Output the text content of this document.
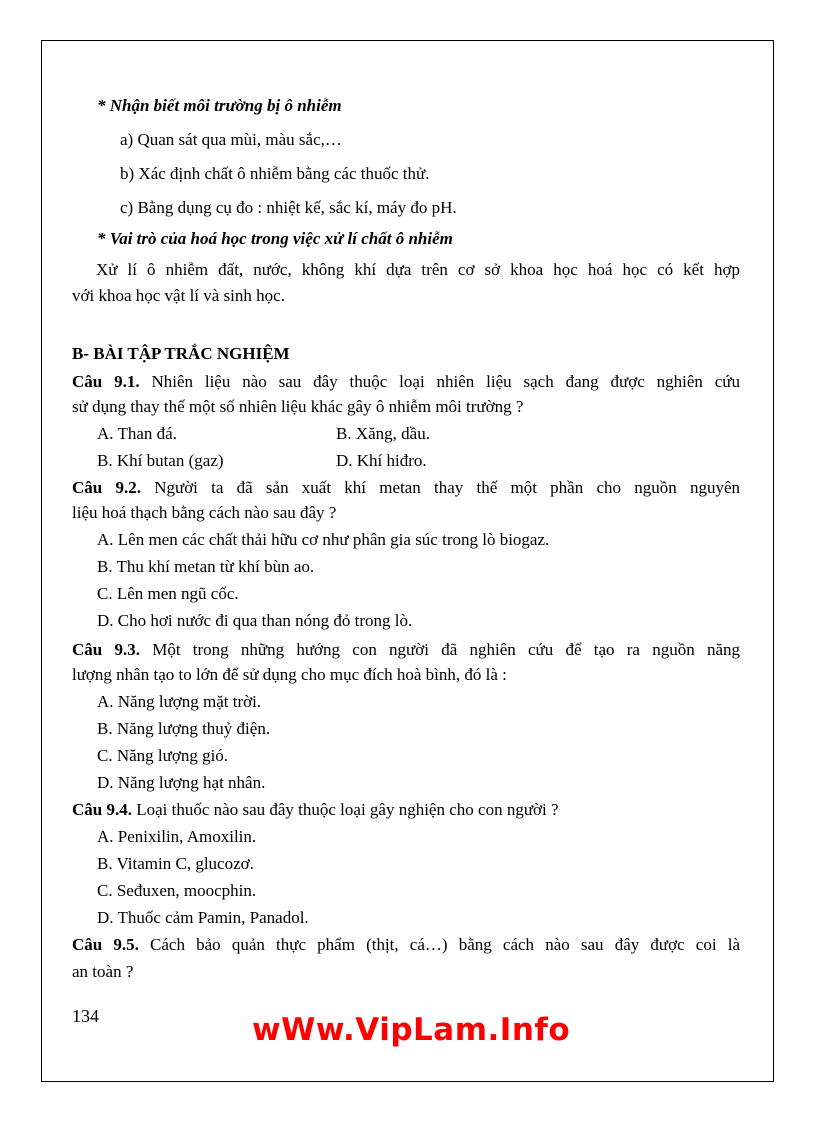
* Nhận biết môi trường bị ô nhiễm
a) Quan sát qua mùi, màu sắc,…
b) Xác định chất ô nhiễm bằng các thuốc thử.
c) Bằng dụng cụ đo : nhiệt kế, sắc kí, máy đo pH.
* Vai trò của hoá học trong việc xử lí chất ô nhiễm
Xử lí ô nhiễm đất, nước, không khí dựa trên cơ sở khoa học hoá học có kết hợp
với khoa học vật lí và sinh học.
B- BÀI TẬP TRẮC NGHIỆM
Câu 9.1. Nhiên liệu nào sau đây thuộc loại nhiên liệu sạch đang được nghiên cứu
sử dụng thay thế một số nhiên liệu khác gây ô nhiễm môi trường ?
A. Than đá.	B. Xăng, dầu.
B. Khí butan (gaz)	D. Khí hiđro.
Câu 9.2. Người ta đã sản xuất khí metan thay thế một phần cho nguồn nguyên
liệu hoá thạch bằng cách nào sau đây ?
A. Lên men các chất thải hữu cơ như phân gia súc trong lò biogaz.
B. Thu khí metan từ khí bùn ao.
C. Lên men ngũ cốc.
D. Cho hơi nước đi qua than nóng đỏ trong lò.
Câu 9.3. Một trong những hướng con người đã nghiên cứu để tạo ra nguồn năng
lượng nhân tạo to lớn để sử dụng cho mục đích hoà bình, đó là :
A. Năng lượng mặt trời.
B. Năng lượng thuỷ điện.
C. Năng lượng gió.
D. Năng lượng hạt nhân.
Câu 9.4. Loại thuốc nào sau đây thuộc loại gây nghiện cho con người ?
A. Penixilin, Amoxilin.
B. Vitamin C, glucozơ.
C. Seđuxen, moocphin.
D. Thuốc cảm Pamin, Panadol.
Câu 9.5. Cách bảo quản thực phẩm (thịt, cá…) bằng cách nào sau đây được coi là
an toàn ?
134	wWw.VipLam.Info
